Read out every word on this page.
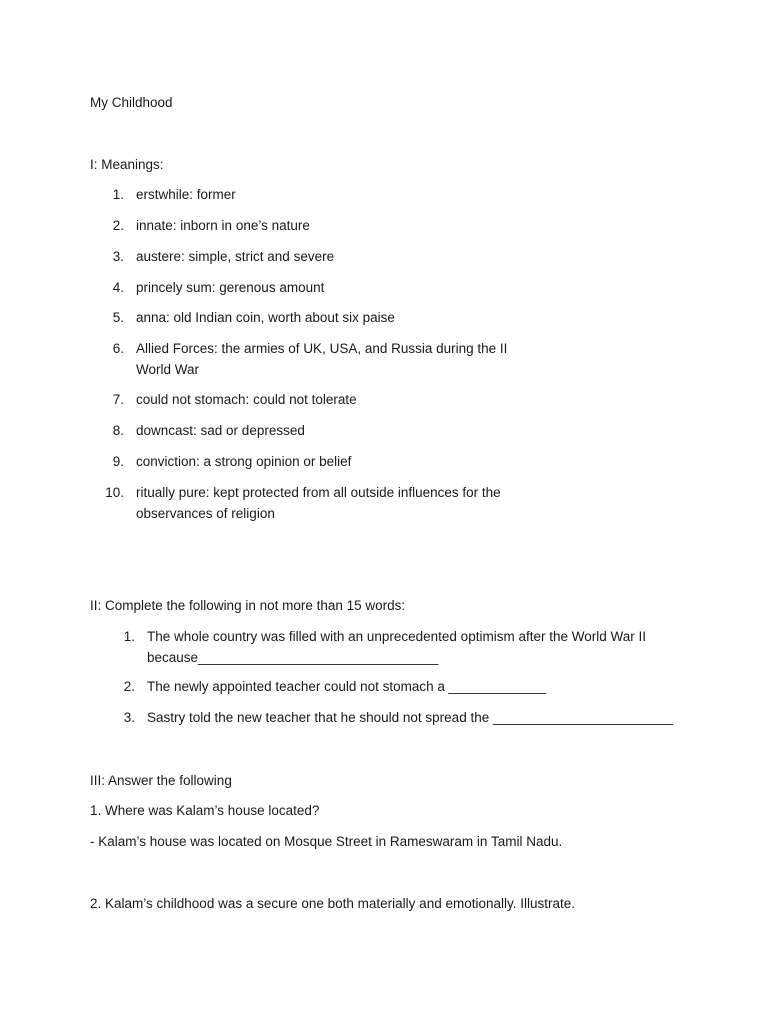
My Childhood
I: Meanings:
1. erstwhile: former
2. innate: inborn in one’s nature
3. austere: simple, strict and severe
4. princely sum: gerenous amount
5. anna: old Indian coin, worth about six paise
6. Allied Forces: the armies of UK, USA, and Russia during the II
World War
7. could not stomach: could not tolerate
8. downcast: sad or depressed
9. conviction: a strong opinion or belief
10. ritually pure: kept protected from all outside influences for the
observances of religion
II: Complete the following in not more than 15 words:
1. The whole country was filled with an unprecedented optimism after the World War II
because________________________________
2. The newly appointed teacher could not stomach a _____________
3. Sastry told the new teacher that he should not spread the ________________________
III: Answer the following
1. Where was Kalam’s house located?
- Kalam’s house was located on Mosque Street in Rameswaram in Tamil Nadu.
2. Kalam’s childhood was a secure one both materially and emotionally. Illustrate.
